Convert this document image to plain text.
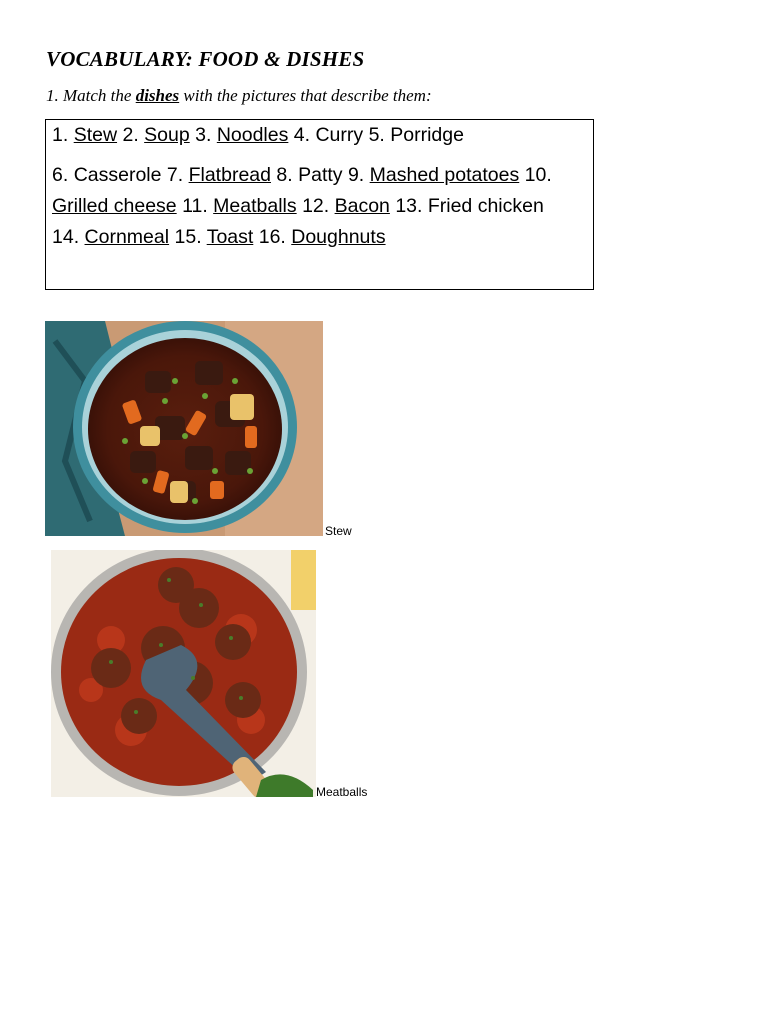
VOCABULARY: FOOD & DISHES
1. Match the dishes with the pictures that describe them:
1. Stew 2. Soup 3. Noodles 4. Curry 5. Porridge
6. Casserole 7. Flatbread 8. Patty 9. Mashed potatoes 10.
Grilled cheese 11. Meatballs 12. Bacon 13. Fried chicken
14. Cornmeal 15. Toast 16. Doughnuts
Stew
Meatballs
